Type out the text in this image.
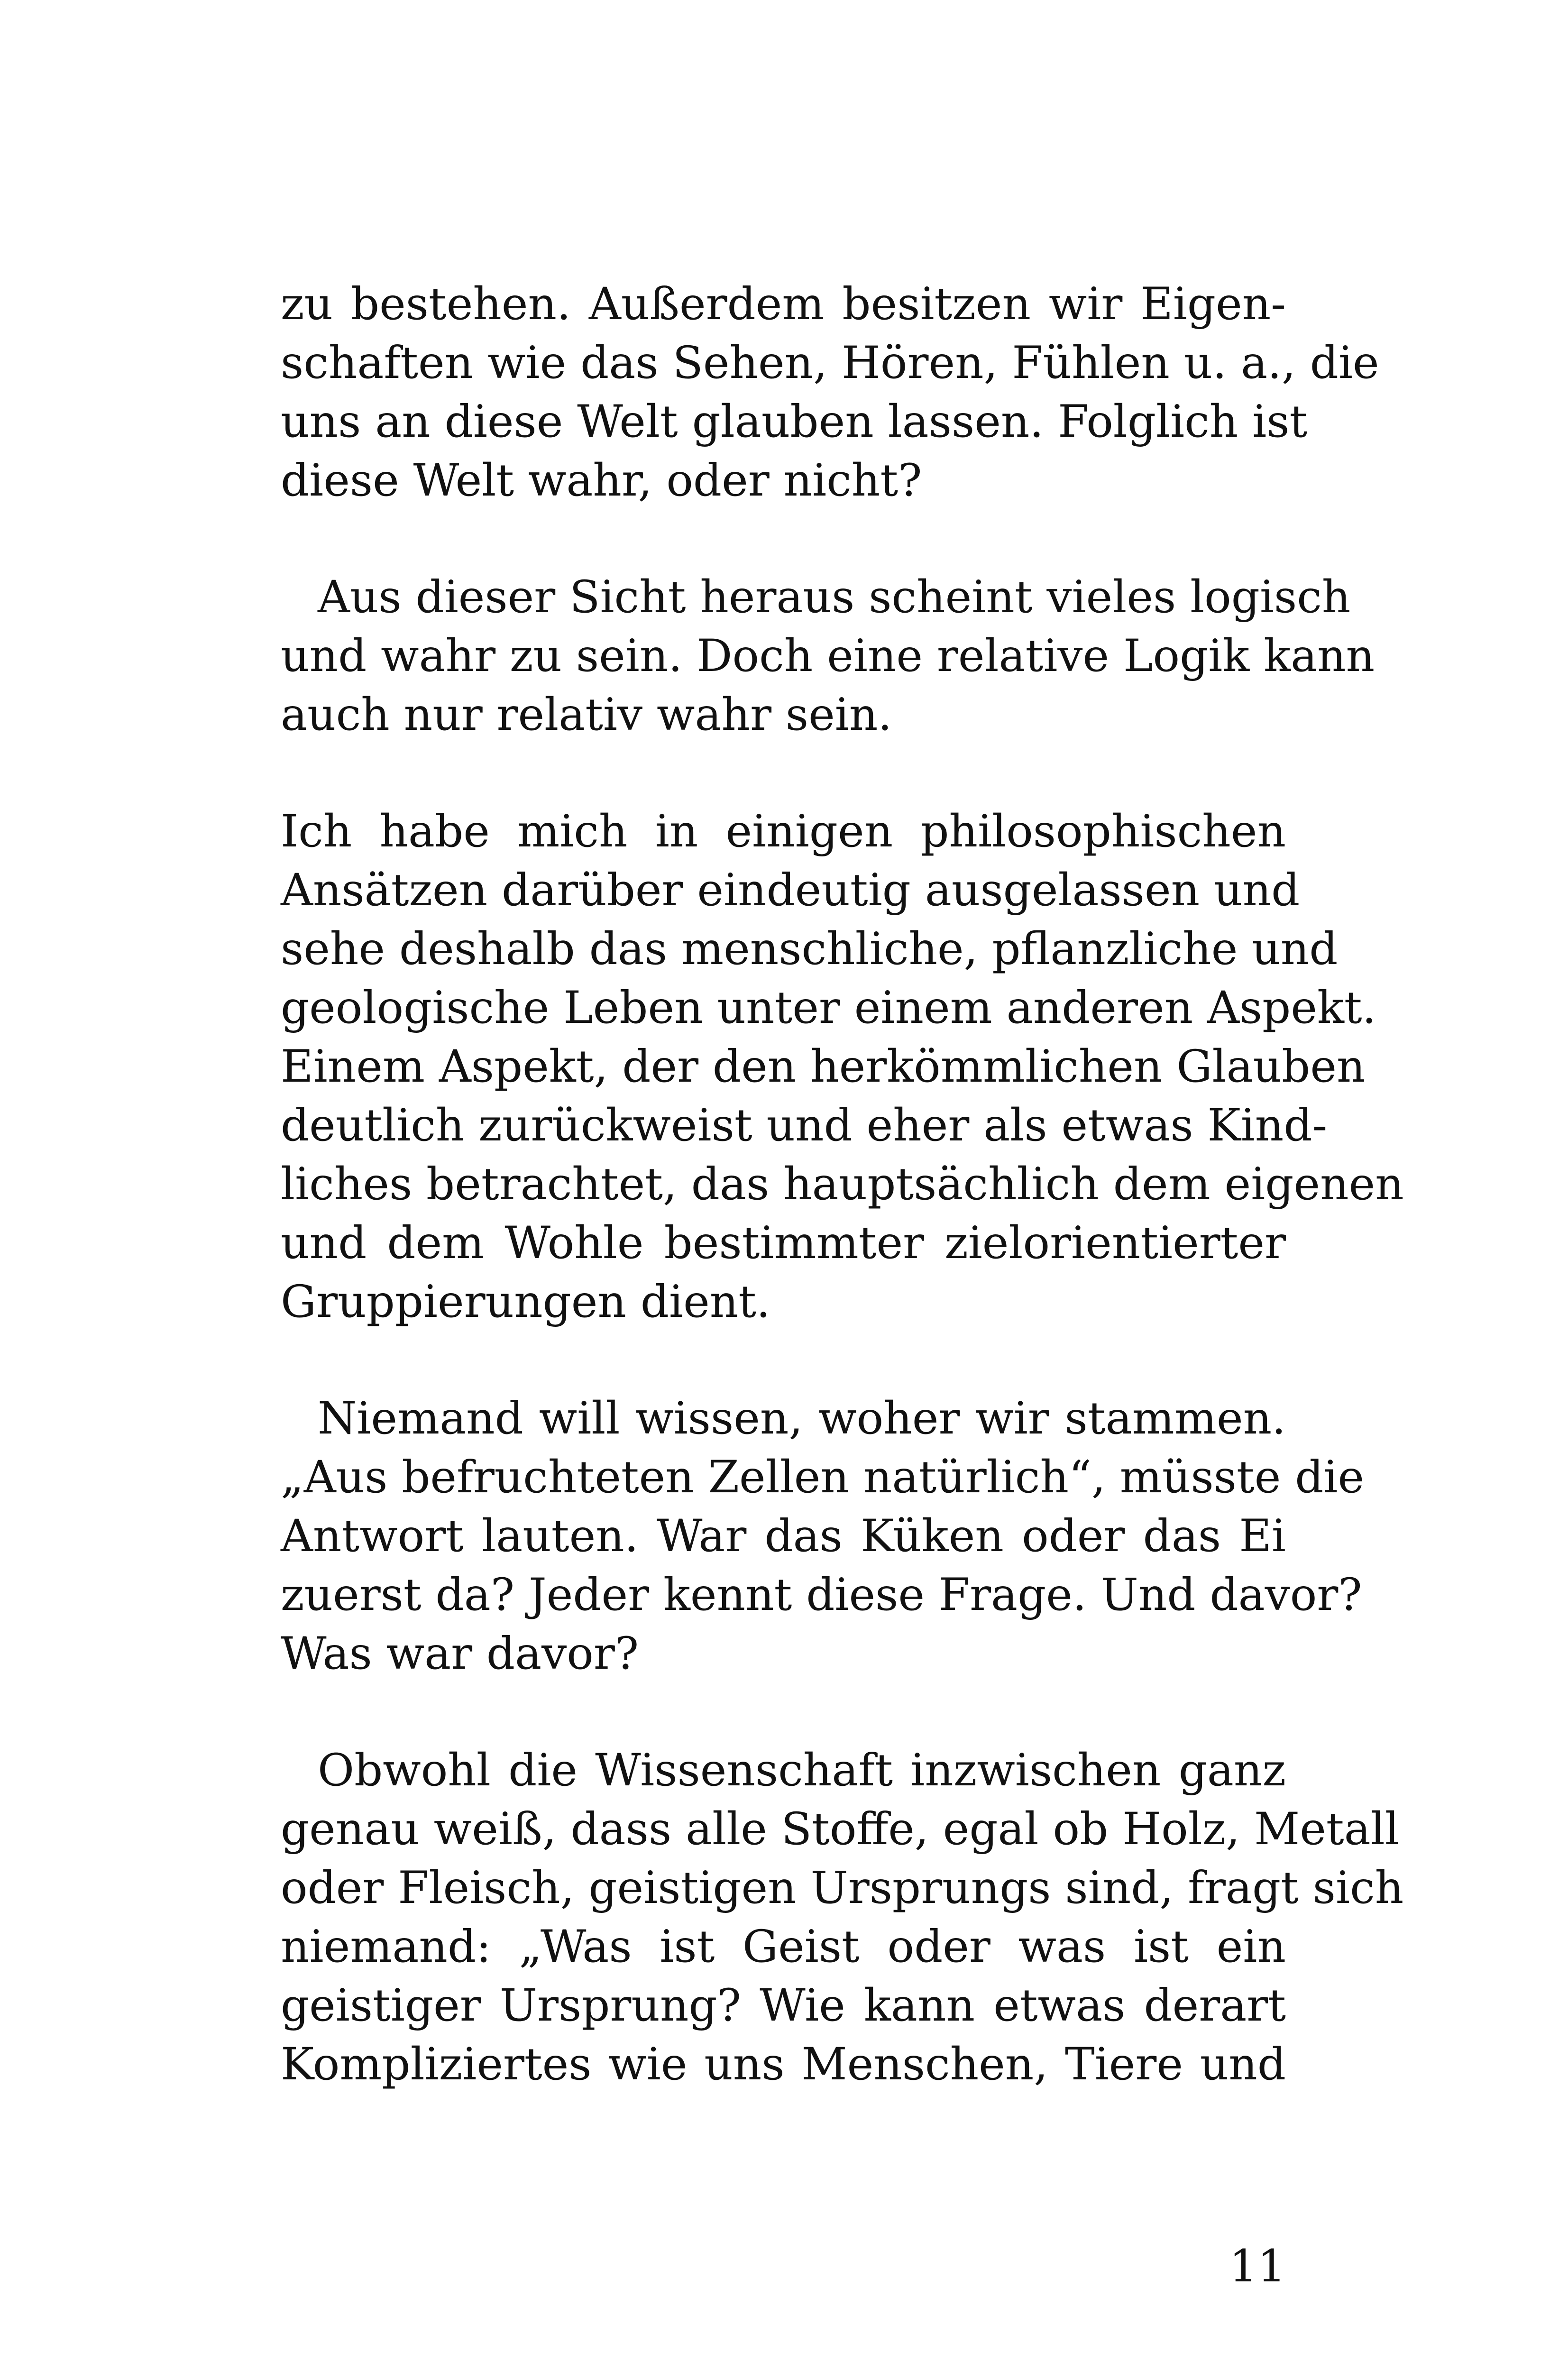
zu bestehen. Außerdem besitzen wir Eigen-
schaften wie das Sehen, Hören, Fühlen u. a., die
uns an diese Welt glauben lassen. Folglich ist
diese Welt wahr, oder nicht?
Aus dieser Sicht heraus scheint vieles logisch
und wahr zu sein. Doch eine relative Logik kann
auch nur relativ wahr sein.
Ich habe mich in einigen philosophischen
Ansätzen darüber eindeutig ausgelassen und
sehe deshalb das menschliche, pflanzliche und
geologische Leben unter einem anderen Aspekt.
Einem Aspekt, der den herkömmlichen Glauben
deutlich zurückweist und eher als etwas Kind-
liches betrachtet, das hauptsächlich dem eigenen
und dem Wohle bestimmter zielorientierter
Gruppierungen dient.
Niemand will wissen, woher wir stammen.
„Aus befruchteten Zellen natürlich“, müsste die
Antwort lauten. War das Küken oder das Ei
zuerst da? Jeder kennt diese Frage. Und davor?
Was war davor?
Obwohl die Wissenschaft inzwischen ganz
genau weiß, dass alle Stoffe, egal ob Holz, Metall
oder Fleisch, geistigen Ursprungs sind, fragt sich
niemand: „Was ist Geist oder was ist ein
geistiger Ursprung? Wie kann etwas derart
Kompliziertes wie uns Menschen, Tiere und
11
